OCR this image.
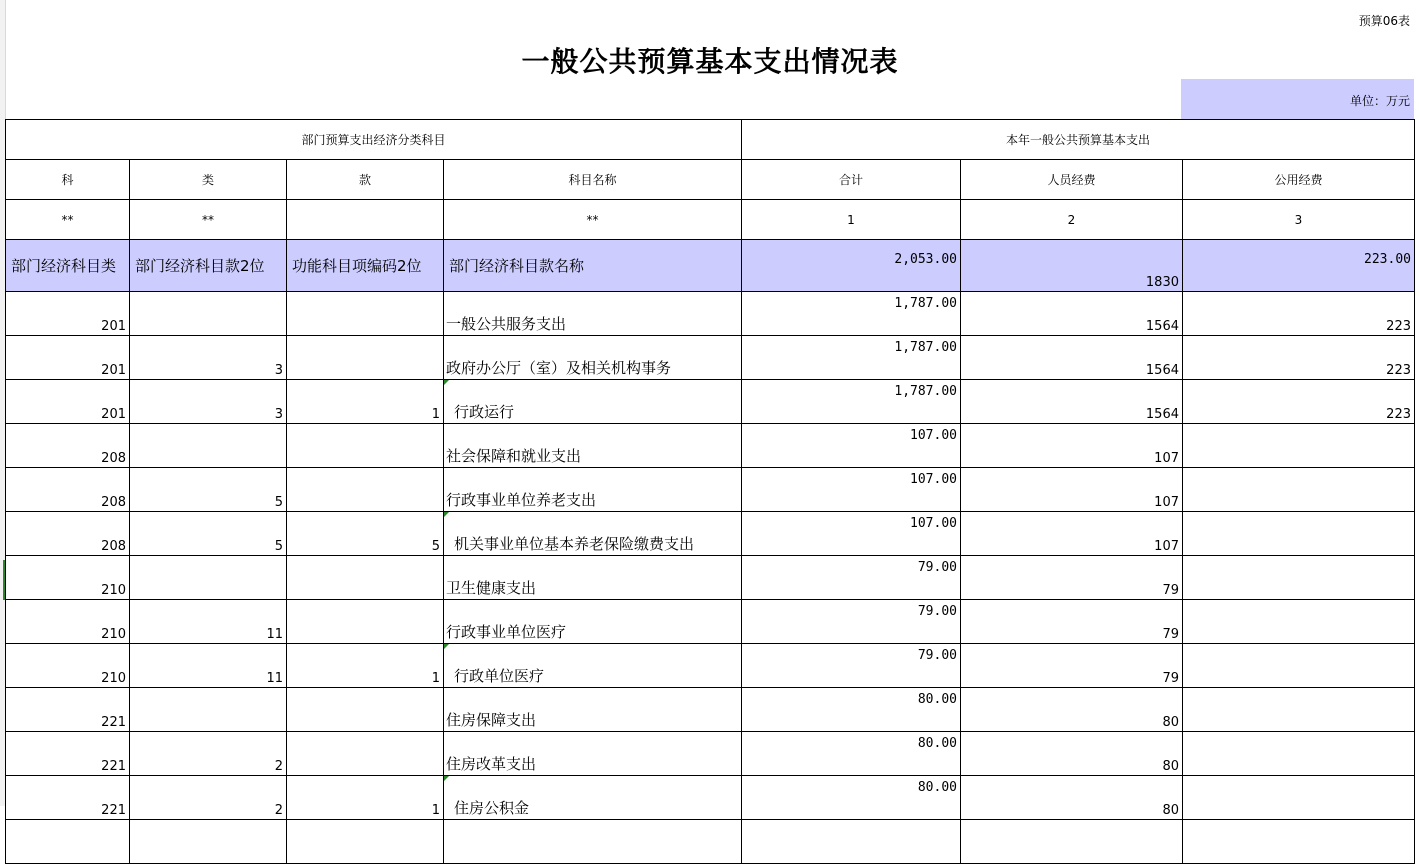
预算06表
一般公共预算基本支出情况表
单位：万元
部门预算支出经济分类科目				本年一般公共预算基本支出		
科	类	款	科目名称	合计	人员经费	公用经费
**	**		**	1	2	3
部门经济科目类	部门经济科目款2位	功能科目项编码2位	部门经济科目款名称	2,053.00	1830	223.00
201			一般公共服务支出	1,787.00	1564	223
201	3		政府办公厅（室）及相关机构事务	1,787.00	1564	223
201	3	1	行政运行	1,787.00	1564	223
208			社会保障和就业支出	107.00	107	
208	5		行政事业单位养老支出	107.00	107	
208	5	5	机关事业单位基本养老保险缴费支出	107.00	107	
210			卫生健康支出	79.00	79	
210	11		行政事业单位医疗	79.00	79	
210	11	1	行政单位医疗	79.00	79	
221			住房保障支出	80.00	80	
221	2		住房改革支出	80.00	80	
221	2	1	住房公积金	80.00	80	
